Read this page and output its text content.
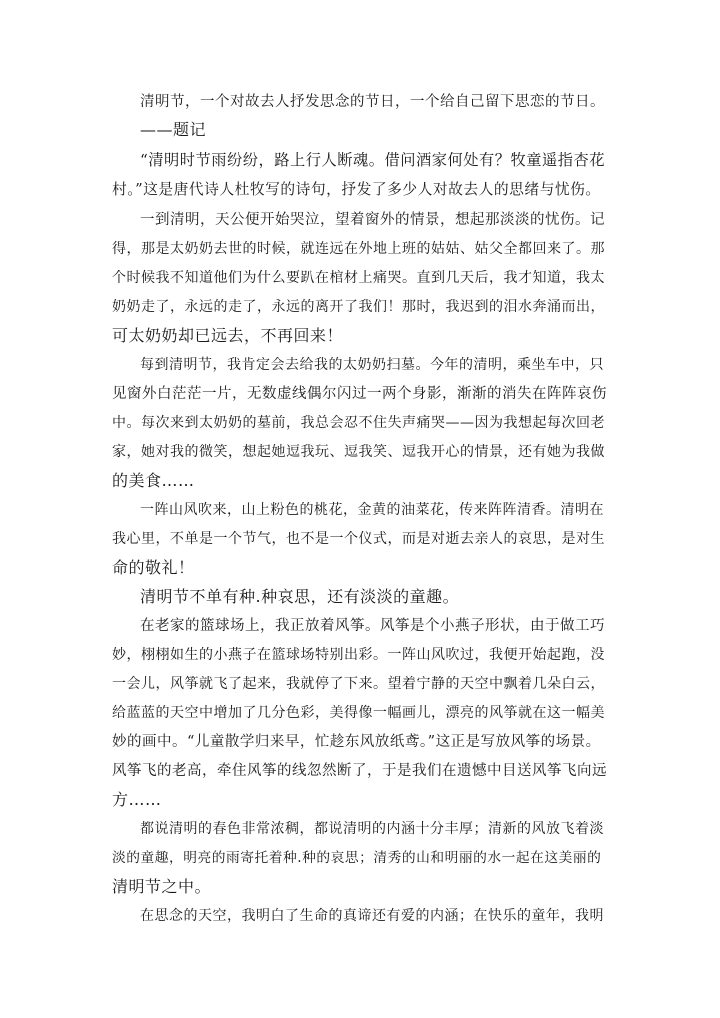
清明节，一个对故去人抒发思念的节日，一个给自己留下思恋的节日。
——题记
“清明时节雨纷纷，路上行人断魂。借问酒家何处有？牧童遥指杏花
村。”这是唐代诗人杜牧写的诗句，抒发了多少人对故去人的思绪与忧伤。
一到清明，天公便开始哭泣，望着窗外的情景，想起那淡淡的忧伤。记
得，那是太奶奶去世的时候，就连远在外地上班的姑姑、姑父全都回来了。那
个时候我不知道他们为什么要趴在棺材上痛哭。直到几天后，我才知道，我太
奶奶走了，永远的走了，永远的离开了我们！那时，我迟到的泪水奔涌而出，
可太奶奶却已远去，不再回来！
每到清明节，我肯定会去给我的太奶奶扫墓。今年的清明，乘坐车中，只
见窗外白茫茫一片，无数虚线偶尔闪过一两个身影，渐渐的消失在阵阵哀伤
中。每次来到太奶奶的墓前，我总会忍不住失声痛哭——因为我想起每次回老
家，她对我的微笑，想起她逗我玩、逗我笑、逗我开心的情景，还有她为我做
的美食……
一阵山风吹来，山上粉色的桃花，金黄的油菜花，传来阵阵清香。清明在
我心里，不单是一个节气，也不是一个仪式，而是对逝去亲人的哀思，是对生
命的敬礼！
清明节不单有种.种哀思，还有淡淡的童趣。
在老家的篮球场上，我正放着风筝。风筝是个小燕子形状，由于做工巧
妙，栩栩如生的小燕子在篮球场特别出彩。一阵山风吹过，我便开始起跑，没
一会儿，风筝就飞了起来，我就停了下来。望着宁静的天空中飘着几朵白云，
给蓝蓝的天空中增加了几分色彩，美得像一幅画儿，漂亮的风筝就在这一幅美
妙的画中。“儿童散学归来早，忙趁东风放纸鸢。”这正是写放风筝的场景。
风筝飞的老高，牵住风筝的线忽然断了，于是我们在遗憾中目送风筝飞向远
方……
都说清明的春色非常浓稠，都说清明的内涵十分丰厚；清新的风放飞着淡
淡的童趣，明亮的雨寄托着种.种的哀思；清秀的山和明丽的水一起在这美丽的
清明节之中。
在思念的天空，我明白了生命的真谛还有爱的内涵；在快乐的童年，我明
